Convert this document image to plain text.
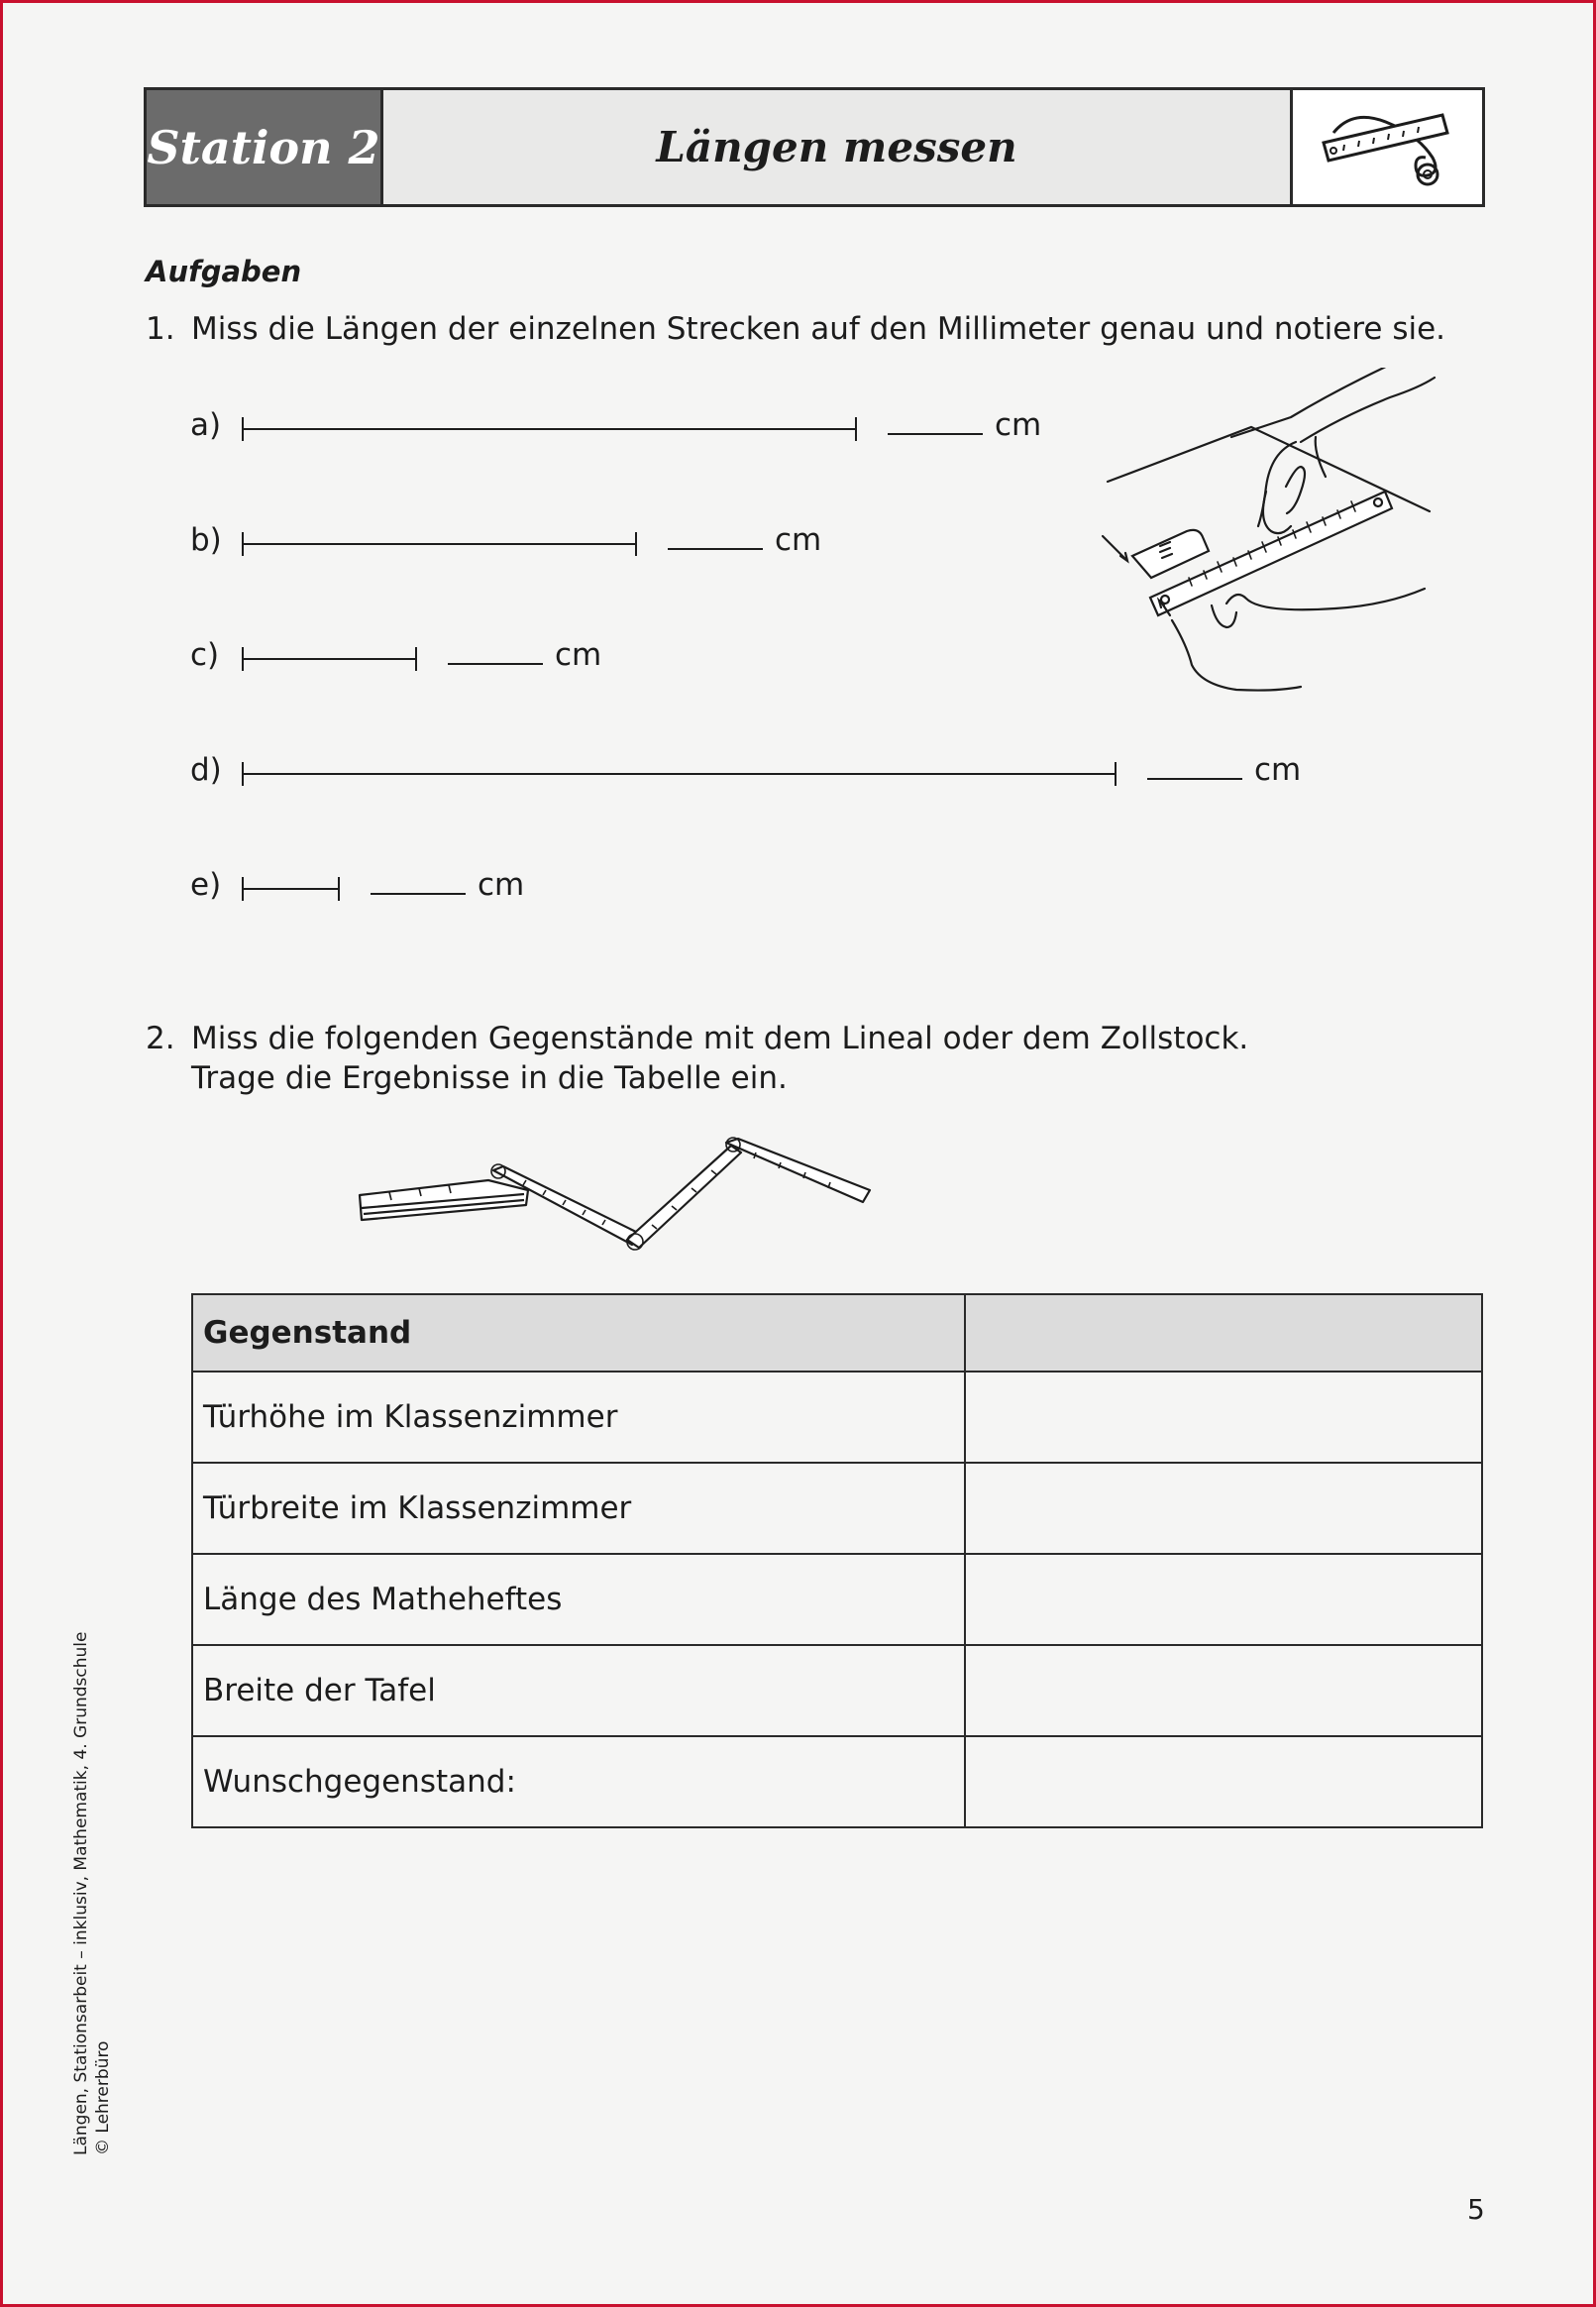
Station 2	Längen messen
Aufgaben
1. Miss die Längen der einzelnen Strecken auf den Millimeter genau und notiere sie.
a)	cm
b)	cm
c)	cm
d)	cm
e)	cm
2. Miss die folgenden Gegenstände mit dem Lineal oder dem Zollstock.
Trage die Ergebnisse in die Tabelle ein.
Gegenstand	
Türhöhe im Klassenzimmer	
Türbreite im Klassenzimmer	
Länge des Matheheftes	
Breite der Tafel	
Wunschgegenstand:	
Längen, Stationsarbeit – inklusiv, Mathematik, 4. Grundschule © Lehrerbüro
5
